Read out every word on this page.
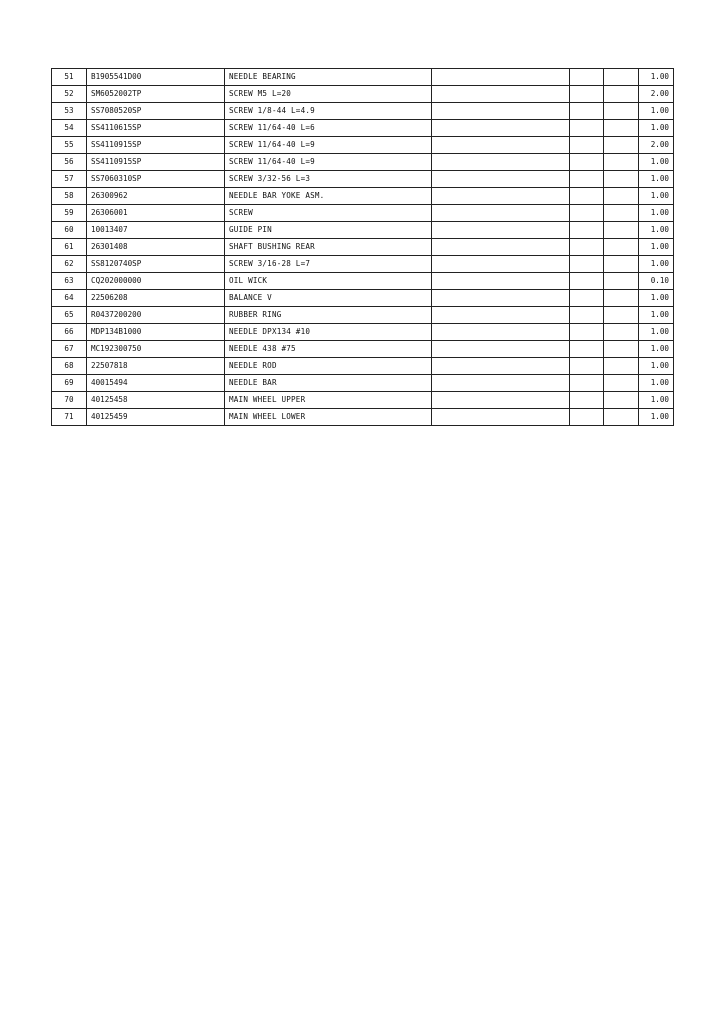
51	B1905541D00	NEEDLE BEARING				1.00
52	SM6052002TP	SCREW M5 L=20				2.00
53	SS7080520SP	SCREW 1/8-44 L=4.9				1.00
54	SS4110615SP	SCREW 11/64-40 L=6				1.00
55	SS4110915SP	SCREW 11/64-40 L=9				2.00
56	SS4110915SP	SCREW 11/64-40 L=9				1.00
57	SS7060310SP	SCREW 3/32-56 L=3				1.00
58	26300962	NEEDLE BAR YOKE ASM.				1.00
59	26306001	SCREW				1.00
60	10013407	GUIDE PIN				1.00
61	26301408	SHAFT BUSHING REAR				1.00
62	SS8120740SP	SCREW 3/16-28 L=7				1.00
63	CQ202000000	OIL WICK				0.10
64	22506208	BALANCE V				1.00
65	R0437200200	RUBBER RING				1.00
66	MDP134B1000	NEEDLE DPX134 #10				1.00
67	MC192300750	NEEDLE 438 #75				1.00
68	22507818	NEEDLE ROD				1.00
69	40015494	NEEDLE BAR				1.00
70	40125458	MAIN WHEEL UPPER				1.00
71	40125459	MAIN WHEEL LOWER				1.00
